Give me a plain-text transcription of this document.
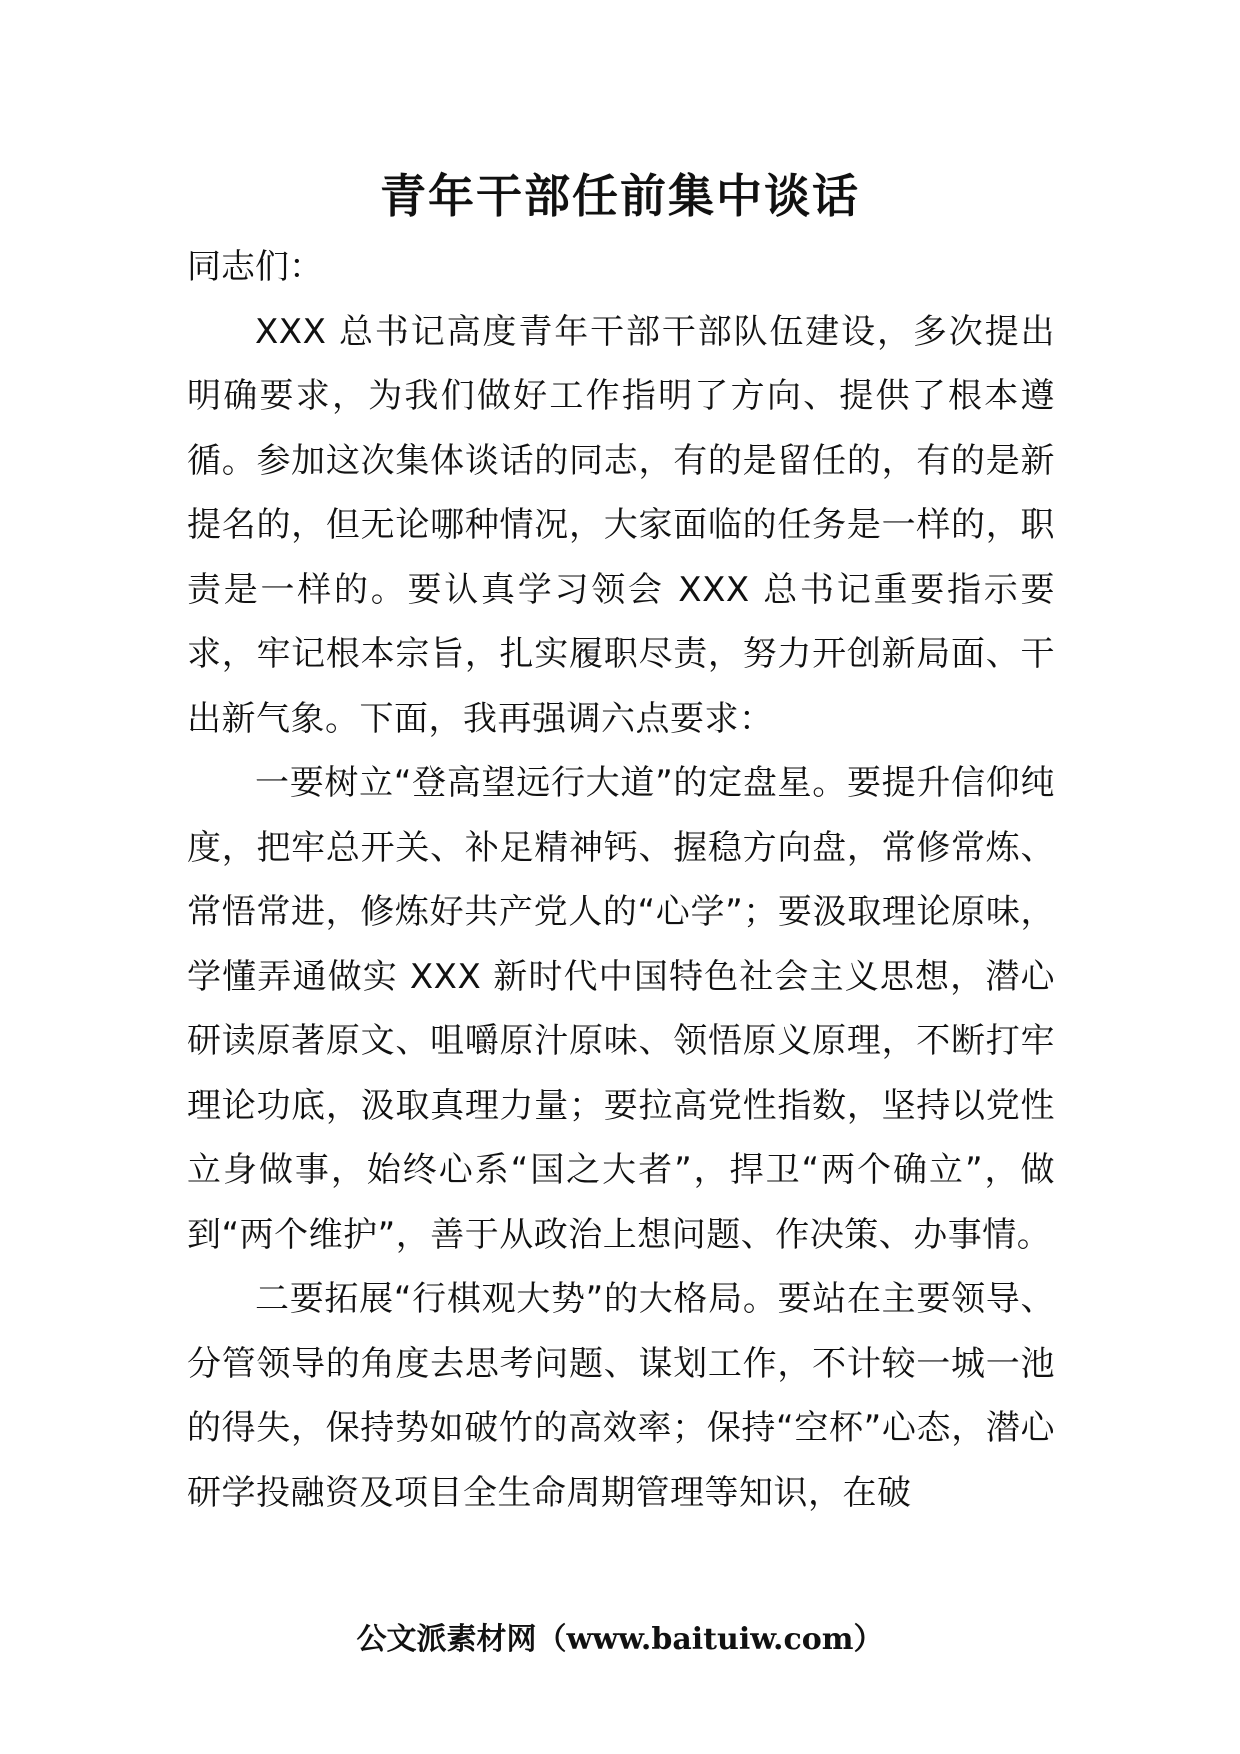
青年干部任前集中谈话

同志们：

XXX 总书记高度青年干部干部队伍建设，多次提出明确要求，为我们做好工作指明了方向、提供了根本遵循。参加这次集体谈话的同志，有的是留任的，有的是新提名的，但无论哪种情况，大家面临的任务是一样的，职责是一样的。要认真学习领会 XXX 总书记重要指示要求，牢记根本宗旨，扎实履职尽责，努力开创新局面、干出新气象。下面，我再强调六点要求：

一要树立“登高望远行大道”的定盘星。要提升信仰纯度，把牢总开关、补足精神钙、握稳方向盘，常修常炼、常悟常进，修炼好共产党人的“心学”；要汲取理论原味，学懂弄通做实 XXX 新时代中国特色社会主义思想，潜心研读原著原文、咀嚼原汁原味、领悟原义原理，不断打牢理论功底，汲取真理力量；要拉高党性指数，坚持以党性立身做事，始终心系“国之大者”，捍卫“两个确立”，做到“两个维护”，善于从政治上想问题、作决策、办事情。

二要拓展“行棋观大势”的大格局。要站在主要领导、分管领导的角度去思考问题、谋划工作，不计较一城一池的得失，保持势如破竹的高效率；保持“空杯”心态，潜心研学投融资及项目全生命周期管理等知识，在破

公文派素材网（www.baituiw.com）
